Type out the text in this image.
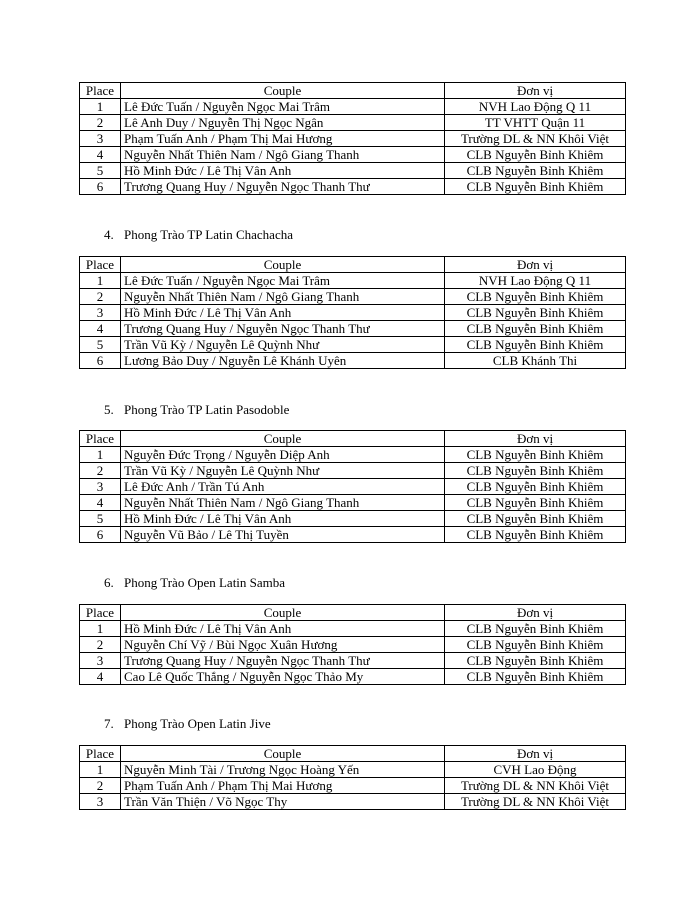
Place	Couple	Đơn vị
1	Lê Đức Tuấn / Nguyễn Ngọc Mai Trâm	NVH Lao Động Q 11
2	Lê Anh Duy / Nguyễn Thị Ngọc Ngân	TT VHTT Quận 11
3	Phạm Tuấn Anh / Phạm Thị Mai Hương	Trường DL & NN Khôi Việt
4	Nguyễn Nhất Thiên Nam / Ngô Giang Thanh	CLB Nguyễn Bỉnh Khiêm
5	Hồ Minh Đức / Lê Thị Vân Anh	CLB Nguyễn Bỉnh Khiêm
6	Trương Quang Huy / Nguyễn Ngọc Thanh Thư	CLB Nguyễn Bỉnh Khiêm
4. Phong Trào TP Latin Chachacha
Place	Couple	Đơn vị
1	Lê Đức Tuấn / Nguyễn Ngọc Mai Trâm	NVH Lao Động Q 11
2	Nguyễn Nhất Thiên Nam / Ngô Giang Thanh	CLB Nguyễn Bỉnh Khiêm
3	Hồ Minh Đức / Lê Thị Vân Anh	CLB Nguyễn Bỉnh Khiêm
4	Trương Quang Huy / Nguyễn Ngọc Thanh Thư	CLB Nguyễn Bỉnh Khiêm
5	Trần Vũ Kỳ / Nguyễn Lê Quỳnh Như	CLB Nguyễn Bỉnh Khiêm
6	Lương Bảo Duy / Nguyễn Lê Khánh Uyên	CLB Khánh Thi
5. Phong Trào TP Latin Pasodoble
Place	Couple	Đơn vị
1	Nguyễn Đức Trọng / Nguyễn Diệp Anh	CLB Nguyễn Bỉnh Khiêm
2	Trần Vũ Kỳ / Nguyễn Lê Quỳnh Như	CLB Nguyễn Bỉnh Khiêm
3	Lê Đức Anh / Trần Tú Anh	CLB Nguyễn Bỉnh Khiêm
4	Nguyễn Nhất Thiên Nam / Ngô Giang Thanh	CLB Nguyễn Bỉnh Khiêm
5	Hồ Minh Đức / Lê Thị Vân Anh	CLB Nguyễn Bỉnh Khiêm
6	Nguyễn Vũ Bảo / Lê Thị Tuyền	CLB Nguyễn Bỉnh Khiêm
6. Phong Trào Open Latin Samba
Place	Couple	Đơn vị
1	Hồ Minh Đức / Lê Thị Vân Anh	CLB Nguyễn Bỉnh Khiêm
2	Nguyễn Chí Vỹ / Bùi Ngọc Xuân Hương	CLB Nguyễn Bỉnh Khiêm
3	Trương Quang Huy / Nguyễn Ngọc Thanh Thư	CLB Nguyễn Bỉnh Khiêm
4	Cao Lê Quốc Thắng / Nguyễn Ngọc Thảo My	CLB Nguyễn Bỉnh Khiêm
7. Phong Trào Open Latin Jive
Place	Couple	Đơn vị
1	Nguyễn Minh Tài / Trương Ngọc Hoàng Yến	CVH Lao Động
2	Phạm Tuấn Anh / Phạm Thị Mai Hương	Trường DL & NN Khôi Việt
3	Trần Văn Thiện / Võ Ngọc Thy	Trường DL & NN Khôi Việt
